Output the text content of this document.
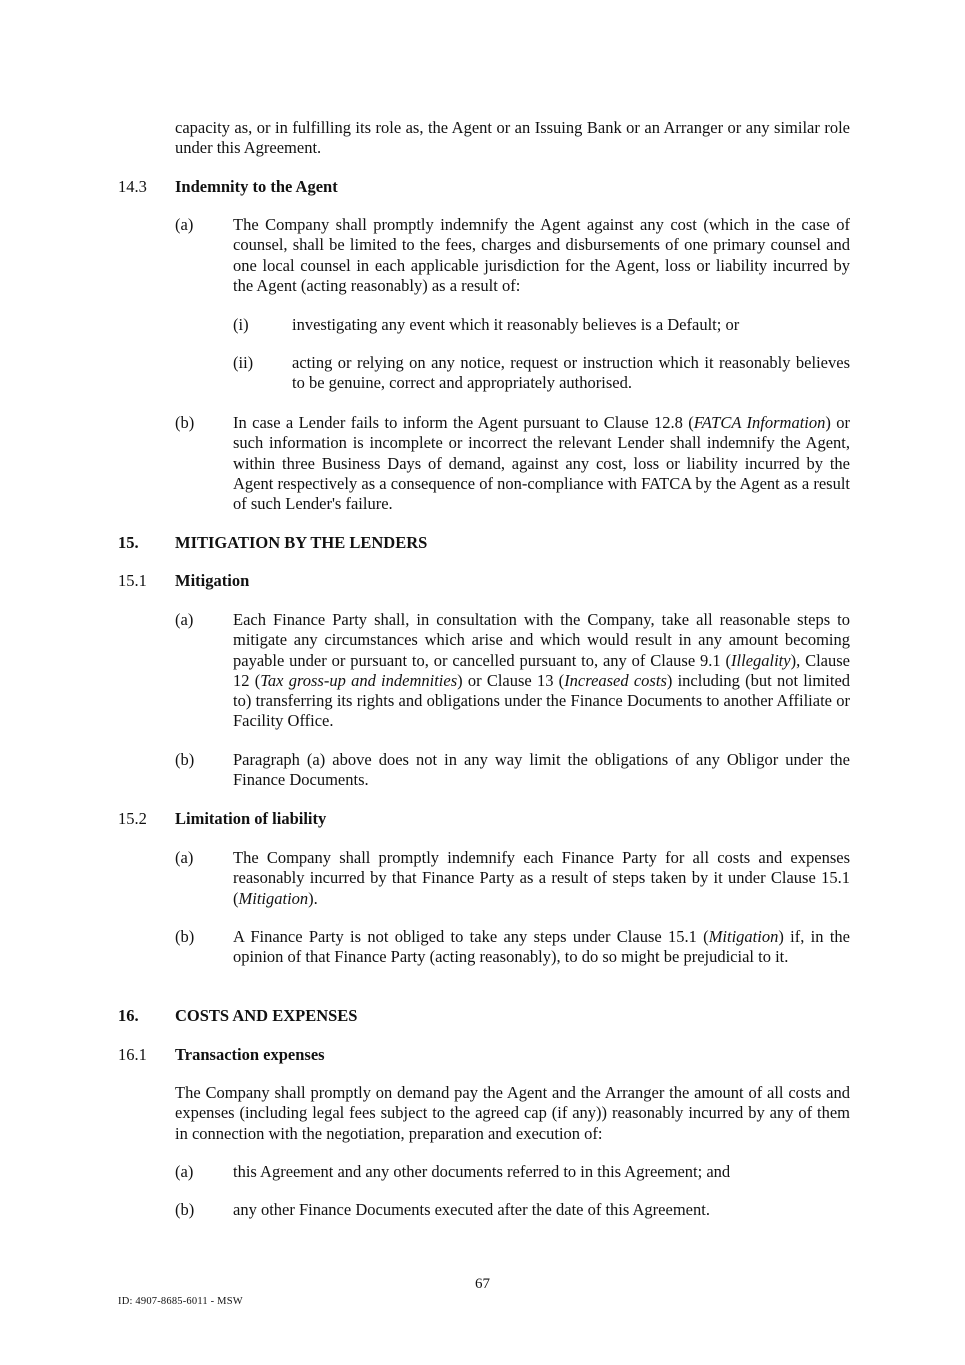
capacity as, or in fulfilling its role as, the Agent or an Issuing Bank or an Arranger or any similar role under this Agreement.
14.3 Indemnity to the Agent
(a) The Company shall promptly indemnify the Agent against any cost (which in the case of counsel, shall be limited to the fees, charges and disbursements of one primary counsel and one local counsel in each applicable jurisdiction for the Agent, loss or liability incurred by the Agent (acting reasonably) as a result of:
(i)	investigating any event which it reasonably believes is a Default; or
(ii) acting or relying on any notice, request or instruction which it reasonably believes to be genuine, correct and appropriately authorised.
(b) In case a Lender fails to inform the Agent pursuant to Clause 12.8 (FATCA Information) or such information is incomplete or incorrect the relevant Lender shall indemnify the Agent, within three Business Days of demand, against any cost, loss or liability incurred by the Agent respectively as a consequence of non-compliance with FATCA by the Agent as a result of such Lender's failure.
15. MITIGATION BY THE LENDERS
15.1 Mitigation
(a) Each Finance Party shall, in consultation with the Company, take all reasonable steps to mitigate any circumstances which arise and which would result in any amount becoming payable under or pursuant to, or cancelled pursuant to, any of Clause 9.1 (Illegality), Clause 12 (Tax gross-up and indemnities) or Clause 13 (Increased costs) including (but not limited to) transferring its rights and obligations under the Finance Documents to another Affiliate or Facility Office.
(b) Paragraph (a) above does not in any way limit the obligations of any Obligor under the Finance Documents.
15.2 Limitation of liability
(a) The Company shall promptly indemnify each Finance Party for all costs and expenses reasonably incurred by that Finance Party as a result of steps taken by it under Clause 15.1 (Mitigation).
(b) A Finance Party is not obliged to take any steps under Clause 15.1 (Mitigation) if, in the opinion of that Finance Party (acting reasonably), to do so might be prejudicial to it.
16. COSTS AND EXPENSES
16.1 Transaction expenses
The Company shall promptly on demand pay the Agent and the Arranger the amount of all costs and expenses (including legal fees subject to the agreed cap (if any)) reasonably incurred by any of them in connection with the negotiation, preparation and execution of:
(a) this Agreement and any other documents referred to in this Agreement; and
(b) any other Finance Documents executed after the date of this Agreement.
67
ID: 4907-8685-6011 - MSW
